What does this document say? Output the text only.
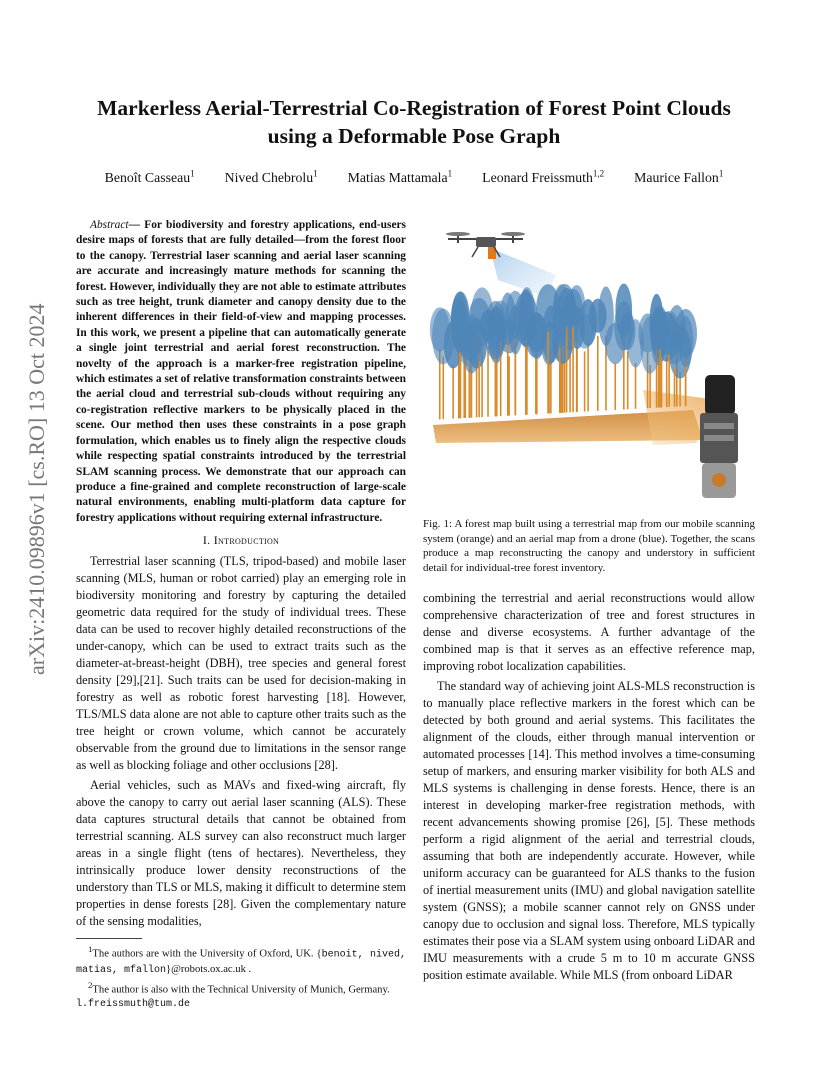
arXiv:2410.09896v1 [cs.RO] 13 Oct 2024
Markerless Aerial-Terrestrial Co-Registration of Forest Point Clouds
using a Deformable Pose Graph
Benoît Casseau$^1$ Nived Chebrolu$^1$ Matias Mattamala$^1$ Leonard Freissmuth$^{1,2}$ Maurice Fallon$^1$
Abstract— For biodiversity and forestry applications, end-users desire maps of forests that are fully detailed—from the forest floor to the canopy. Terrestrial laser scanning and aerial laser scanning are accurate and increasingly mature methods for scanning the forest. However, individually they are not able to estimate attributes such as tree height, trunk diameter and canopy density due to the inherent differences in their field-of-view and mapping processes. In this work, we present a pipeline that can automatically generate a single joint terrestrial and aerial forest reconstruction. The novelty of the approach is a marker-free registration pipeline, which estimates a set of relative transformation constraints between the aerial cloud and terrestrial sub-clouds without requiring any co-registration reflective markers to be physically placed in the scene. Our method then uses these constraints in a pose graph formulation, which enables us to finely align the respective clouds while respecting spatial constraints introduced by the terrestrial SLAM scanning process. We demonstrate that our approach can produce a fine-grained and complete reconstruction of large-scale natural environments, enabling multi-platform data capture for forestry applications without requiring external infrastructure.
I. Introduction

Terrestrial laser scanning (TLS, tripod-based) and mobile laser scanning (MLS, human or robot carried) play an emerging role in biodiversity monitoring and forestry by capturing the detailed geometric data required for the study of individual trees. These data can be used to recover highly detailed reconstructions of the under-canopy, which can be used to extract traits such as the diameter-at-breast-height (DBH), tree species and general forest density [29],[21]. Such traits can be used for decision-making in forestry as well as robotic forest harvesting [18]. However, TLS/MLS data alone are not able to capture other traits such as the tree height or crown volume, which cannot be accurately observable from the ground due to limitations in the sensor range as well as blocking foliage and other occlusions [28].

Aerial vehicles, such as MAVs and fixed-wing aircraft, fly above the canopy to carry out aerial laser scanning (ALS). These data captures structural details that cannot be obtained from terrestrial scanning. ALS survey can also reconstruct much larger areas in a single flight (tens of hectares). Nevertheless, they intrinsically produce lower density reconstructions of the understory than TLS or MLS, making it difficult to determine stem properties in dense forests [28]. Given the complementary nature of the sensing modalities,

$^1$The authors are with the University of Oxford, UK. {benoit, nived, matias, mfallon}@robots.ox.ac.uk .

$^2$The author is also with the Technical University of Munich, Germany.

l.freissmuth@tum.de

Fig. 1: A forest map built using a terrestrial map from our mobile scanning system (orange) and an aerial map from a drone (blue). Together, the scans produce a map reconstructing the canopy and understory in sufficient detail for individual-tree forest inventory.

combining the terrestrial and aerial reconstructions would allow comprehensive characterization of tree and forest structures in dense and diverse ecosystems. A further advantage of the combined map is that it serves as an effective reference map, improving robot localization capabilities.

The standard way of achieving joint ALS-MLS reconstruction is to manually place reflective markers in the forest which can be detected by both ground and aerial systems. This facilitates the alignment of the clouds, either through manual intervention or automated processes [14]. This method involves a time-consuming setup of markers, and ensuring marker visibility for both ALS and MLS systems is challenging in dense forests. Hence, there is an interest in developing marker-free registration methods, with recent advancements showing promise [26], [5]. These methods perform a rigid alignment of the aerial and terrestrial clouds, assuming that both are independently accurate. However, while uniform accuracy can be guaranteed for ALS thanks to the fusion of inertial measurement units (IMU) and global navigation satellite system (GNSS); a mobile scanner cannot rely on GNSS under canopy due to occlusion and signal loss. Therefore, MLS typically estimates their pose via a SLAM system using onboard LiDAR and IMU measurements with a crude 5 m to 10 m accurate GNSS position estimate available. While MLS (from onboard LiDAR
